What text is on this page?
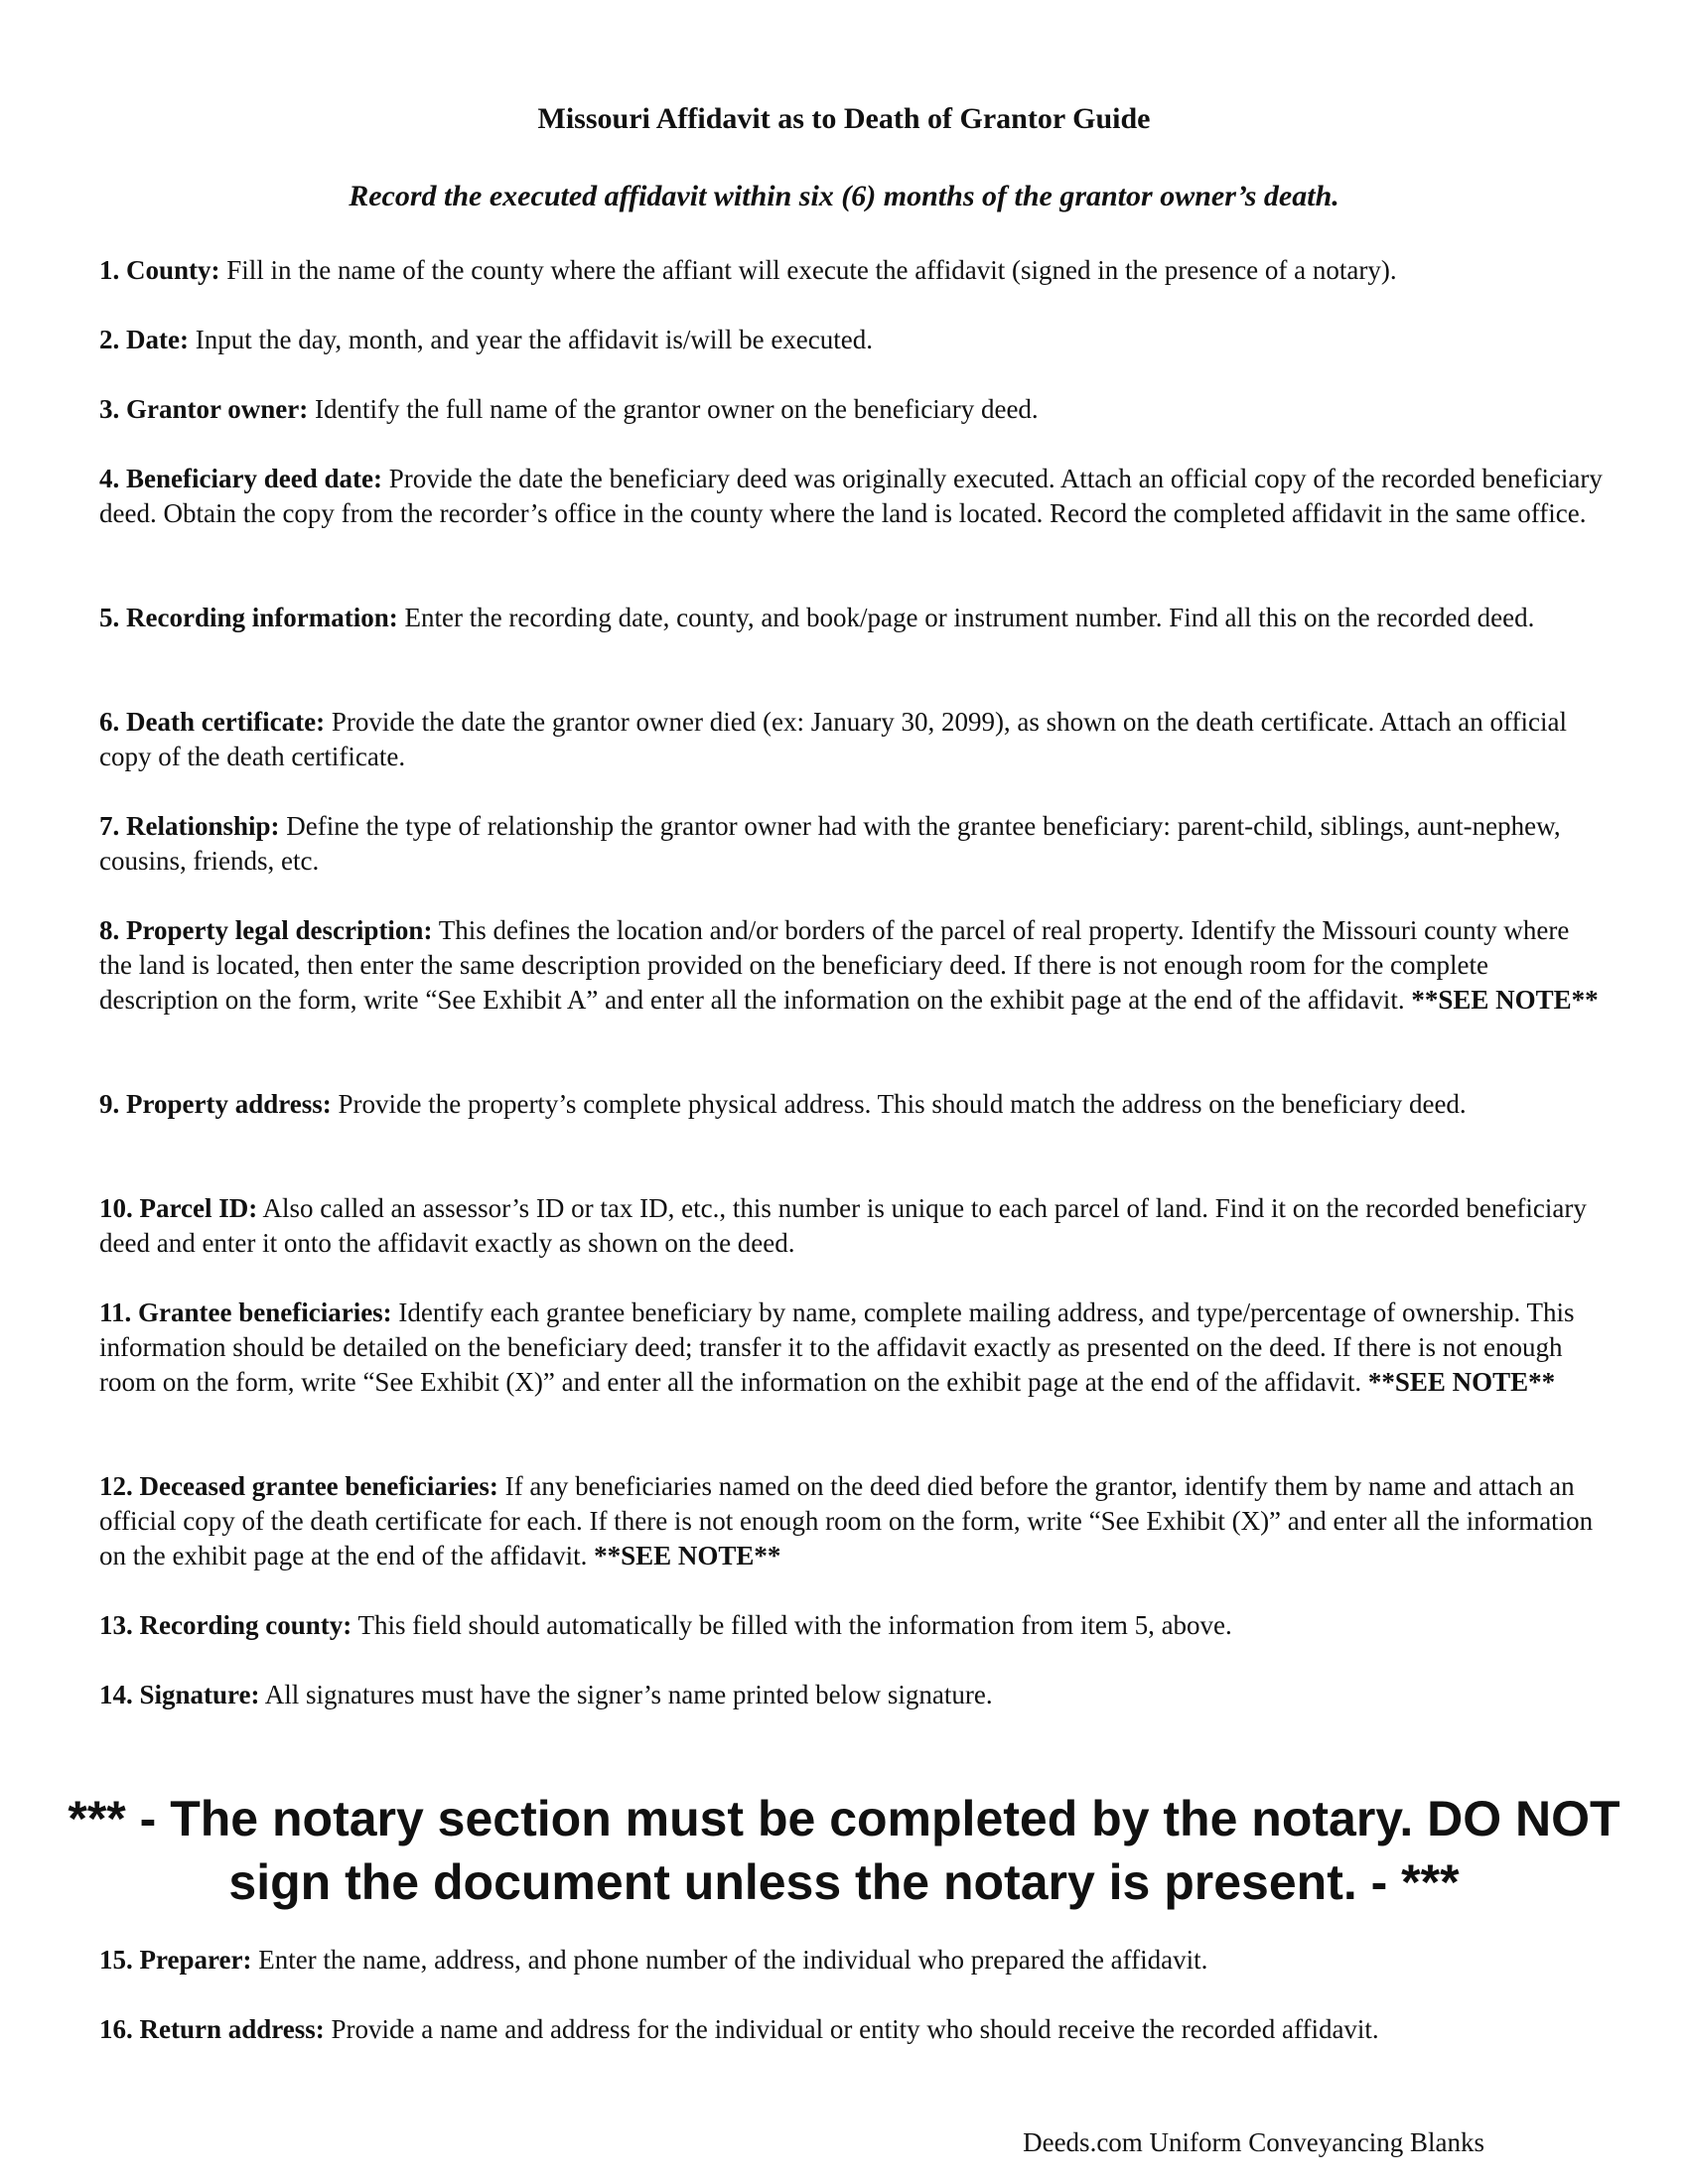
Missouri Affidavit as to Death of Grantor Guide
Record the executed affidavit within six (6) months of the grantor owner’s death.

1. County: Fill in the name of the county where the affiant will execute the affidavit (signed in the presence of a notary).

2. Date: Input the day, month, and year the affidavit is/will be executed.

3. Grantor owner: Identify the full name of the grantor owner on the beneficiary deed.

4. Beneficiary deed date: Provide the date the beneficiary deed was originally executed. Attach an official copy of the recorded beneficiary deed. Obtain the copy from the recorder’s office in the county where the land is located. Record the completed affidavit in the same office.

5. Recording information: Enter the recording date, county, and book/page or instrument number. Find all this on the recorded deed.

6. Death certificate: Provide the date the grantor owner died (ex: January 30, 2099), as shown on the death certificate. Attach an official copy of the death certificate.

7. Relationship: Define the type of relationship the grantor owner had with the grantee beneficiary: parent-child, siblings, aunt-nephew, cousins, friends, etc.

8. Property legal description: This defines the location and/or borders of the parcel of real property. Identify the Missouri county where the land is located, then enter the same description provided on the beneficiary deed. If there is not enough room for the complete description on the form, write “See Exhibit A” and enter all the information on the exhibit page at the end of the affidavit. **SEE NOTE**

9. Property address: Provide the property’s complete physical address. This should match the address on the beneficiary deed.

10. Parcel ID: Also called an assessor’s ID or tax ID, etc., this number is unique to each parcel of land. Find it on the recorded beneficiary deed and enter it onto the affidavit exactly as shown on the deed.

11. Grantee beneficiaries: Identify each grantee beneficiary by name, complete mailing address, and type/percentage of ownership. This information should be detailed on the beneficiary deed; transfer it to the affidavit exactly as presented on the deed. If there is not enough room on the form, write “See Exhibit (X)” and enter all the information on the exhibit page at the end of the affidavit. **SEE NOTE**

12. Deceased grantee beneficiaries: If any beneficiaries named on the deed died before the grantor, identify them by name and attach an official copy of the death certificate for each. If there is not enough room on the form, write “See Exhibit (X)” and enter all the information on the exhibit page at the end of the affidavit. **SEE NOTE**

13. Recording county: This field should automatically be filled with the information from item 5, above.

14. Signature: All signatures must have the signer’s name printed below signature.

*** - The notary section must be completed by the notary. DO NOT sign the document unless the notary is present. - ***

15. Preparer: Enter the name, address, and phone number of the individual who prepared the affidavit.

16. Return address: Provide a name and address for the individual or entity who should receive the recorded affidavit.

Deeds.com Uniform Conveyancing Blanks
